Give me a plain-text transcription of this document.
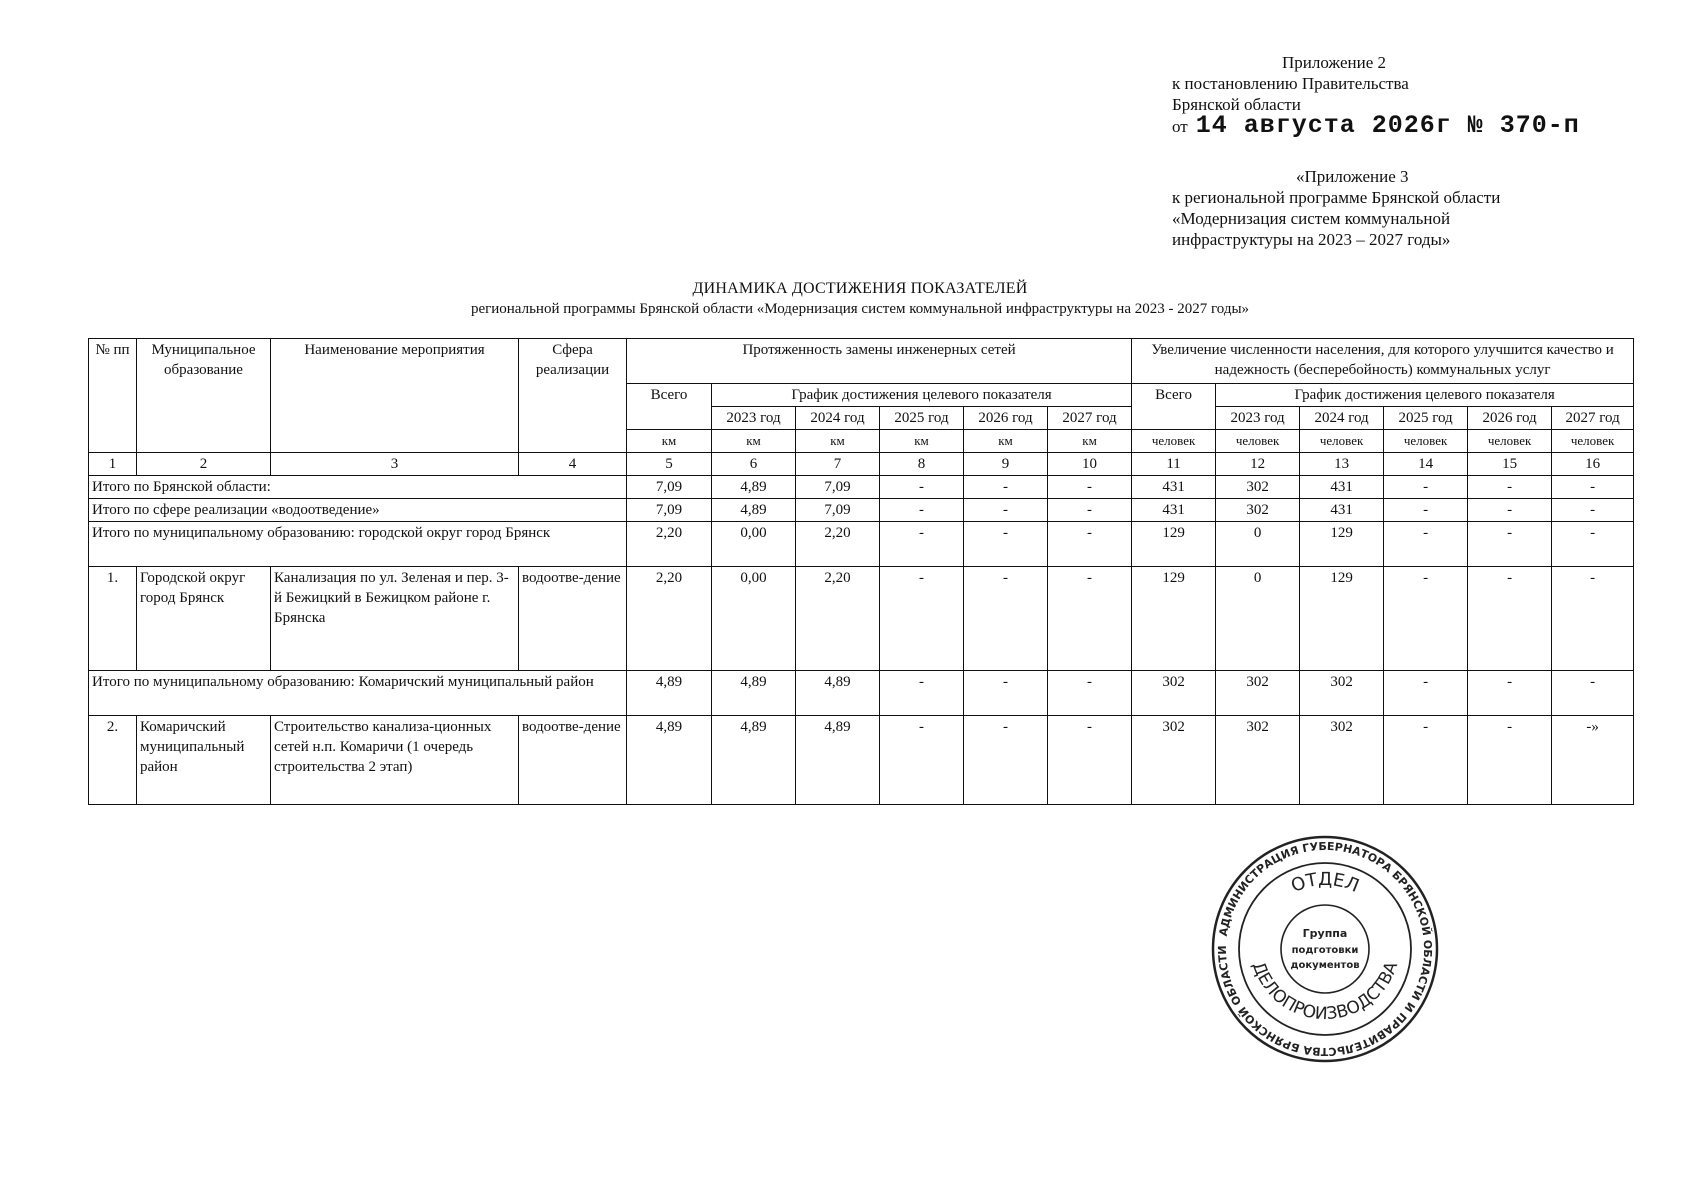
Приложение 2
к постановлению Правительства
Брянской области
от 14 августа 2026г № 370-п
«Приложение 3
к региональной программе Брянской области
«Модернизация систем коммунальной
инфраструктуры на 2023 – 2027 годы»
ДИНАМИКА ДОСТИЖЕНИЯ ПОКАЗАТЕЛЕЙ
региональной программы Брянской области «Модернизация систем коммунальной инфраструктуры на 2023 - 2027 годы»
№ пп	Муниципальное образование	Наименование мероприятия	Сфера реализации	Протяженность замены инженерных сетей						Увеличение численности населения, для которого улучшится качество и надежность (бесперебойность) коммунальных услуг					
				Всего	График достижения целевого показателя					Всего	График достижения целевого показателя				
					2023 год	2024 год	2025 год	2026 год	2027 год		2023 год	2024 год	2025 год	2026 год	2027 год
				км	км	км	км	км	км	человек	человек	человек	человек	человек	человек
1	2	3	4	5	6	7	8	9	10	11	12	13	14	15	16
Итого по Брянской области:				7,09	4,89	7,09	-	-	-	431	302	431	-	-	-
Итого по сфере реализации «водоотведение»				7,09	4,89	7,09	-	-	-	431	302	431	-	-	-
Итого по муниципальному образованию: городской округ город Брянск				2,20	0,00	2,20	-	-	-	129	0	129	-	-	-
1.	Городской округ город Брянск	Канализация по ул. Зеленая и пер. 3-й Бежицкий в Бежицком районе г. Брянска	водоотве-дение	2,20	0,00	2,20	-	-	-	129	0	129	-	-	-
Итого по муниципальному образованию: Комаричский муниципальный район				4,89	4,89	4,89	-	-	-	302	302	302	-	-	-
2.	Комаричский муниципальный район	Строительство канализа-ционных сетей н.п. Комаричи (1 очередь строительства 2 этап)	водоотве-дение	4,89	4,89	4,89	-	-	-	302	302	302	-	-	-»
АДМИНИСТРАЦИЯ ГУБЕРНАТОРА БРЯНСКОЙ ОБЛАСТИ И ПРАВИТЕЛЬСТВА БРЯНСКОЙ ОБЛАСТИ
ОТДЕЛ
ДЕЛОПРОИЗВОДСТВА
Группа
подготовки
документов
